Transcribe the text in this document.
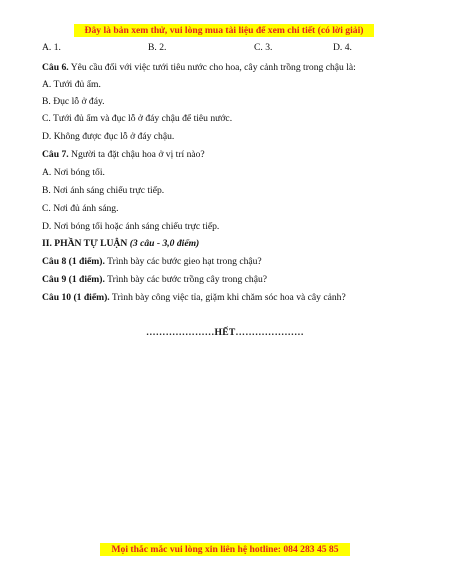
Đây là bản xem thử, vui lòng mua tài liệu để xem chi tiết (có lời giải)
A. 1.	B. 2.	C. 3.	D. 4.
Câu 6. Yêu cầu đối với việc tưới tiêu nước cho hoa, cây cảnh trồng trong chậu là:
A. Tưới đủ ẩm.
B. Đục lỗ ở đáy.
C. Tưới đủ ẩm và đục lỗ ở đáy chậu để tiêu nước.
D. Không được đục lỗ ở đáy chậu.
Câu 7. Người ta đặt chậu hoa ở vị trí nào?
A. Nơi bóng tối.
B. Nơi ánh sáng chiếu trực tiếp.
C. Nơi đủ ánh sáng.
D. Nơi bóng tối hoặc ánh sáng chiếu trực tiếp.
II. PHẦN TỰ LUẬN (3 câu - 3,0 điểm)
Câu 8 (1 điểm). Trình bày các bước gieo hạt trong chậu?
Câu 9 (1 điểm). Trình bày các bước trồng cây trong chậu?
Câu 10 (1 điểm). Trình bày công việc tỉa, giặm khi chăm sóc hoa và cây cảnh?
…………………HẾT…………………
Mọi thắc mắc vui lòng xin liên hệ hotline: 084 283 45 85
